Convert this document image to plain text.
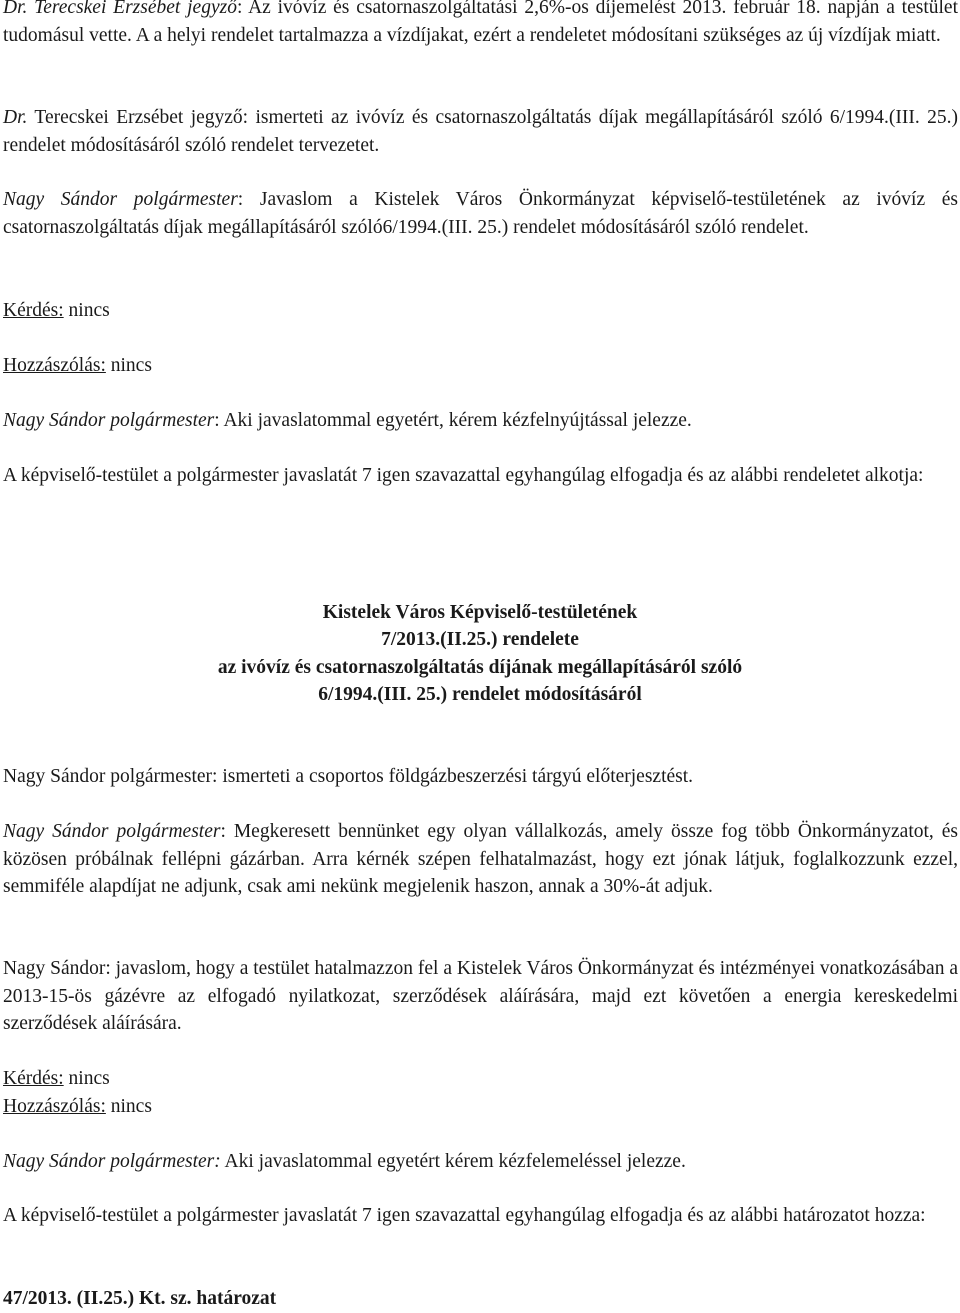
Dr. Terecskei Erzsébet jegyző: Az ivóvíz és csatornaszolgáltatási 2,6%-os díjemelést 2013. február 18. napján a testület tudomásul vette. A a helyi rendelet tartalmazza a vízdíjakat, ezért a rendeletet módosítani szükséges az új vízdíjak miatt.

Dr. Terecskei Erzsébet jegyző: ismerteti az ivóvíz és csatornaszolgáltatás díjak megállapításáról szóló 6/1994.(III. 25.) rendelet módosításáról szóló rendelet tervezetet.

Nagy Sándor polgármester: Javaslom a Kistelek Város Önkormányzat képviselő-testületének az ivóvíz és csatornaszolgáltatás díjak megállapításáról szóló6/1994.(III. 25.) rendelet módosításáról szóló rendelet.

Kérdés: nincs

Hozzászólás: nincs

Nagy Sándor polgármester: Aki javaslatommal egyetért, kérem kézfelnyújtással jelezze.

A képviselő-testület a polgármester javaslatát 7 igen szavazattal egyhangúlag elfogadja és az alábbi rendeletet alkotja:

Kistelek Város Képviselő-testületének

7/2013.(II.25.) rendelete

az ivóvíz és csatornaszolgáltatás díjának megállapításáról szóló

6/1994.(III. 25.) rendelet módosításáról

Nagy Sándor polgármester: ismerteti a csoportos földgázbeszerzési tárgyú előterjesztést.

Nagy Sándor polgármester: Megkeresett bennünket egy olyan vállalkozás, amely össze fog több Önkormányzatot, és közösen próbálnak fellépni gázárban. Arra kérnék szépen felhatalmazást, hogy ezt jónak látjuk, foglalkozzunk ezzel, semmiféle alapdíjat ne adjunk, csak ami nekünk megjelenik haszon, annak a 30%-át adjuk.

Nagy Sándor: javaslom, hogy a testület hatalmazzon fel a Kistelek Város Önkormányzat és intézményei vonatkozásában a 2013-15-ös gázévre az elfogadó nyilatkozat, szerződések aláírására, majd ezt követően a energia kereskedelmi szerződések aláírására.

Kérdés: nincs

Hozzászólás: nincs

Nagy Sándor polgármester: Aki javaslatommal egyetért kérem kézfelemeléssel jelezze.

A képviselő-testület a polgármester javaslatát 7 igen szavazattal egyhangúlag elfogadja és az alábbi határozatot hozza:

47/2013. (II.25.) Kt. sz. határozat
